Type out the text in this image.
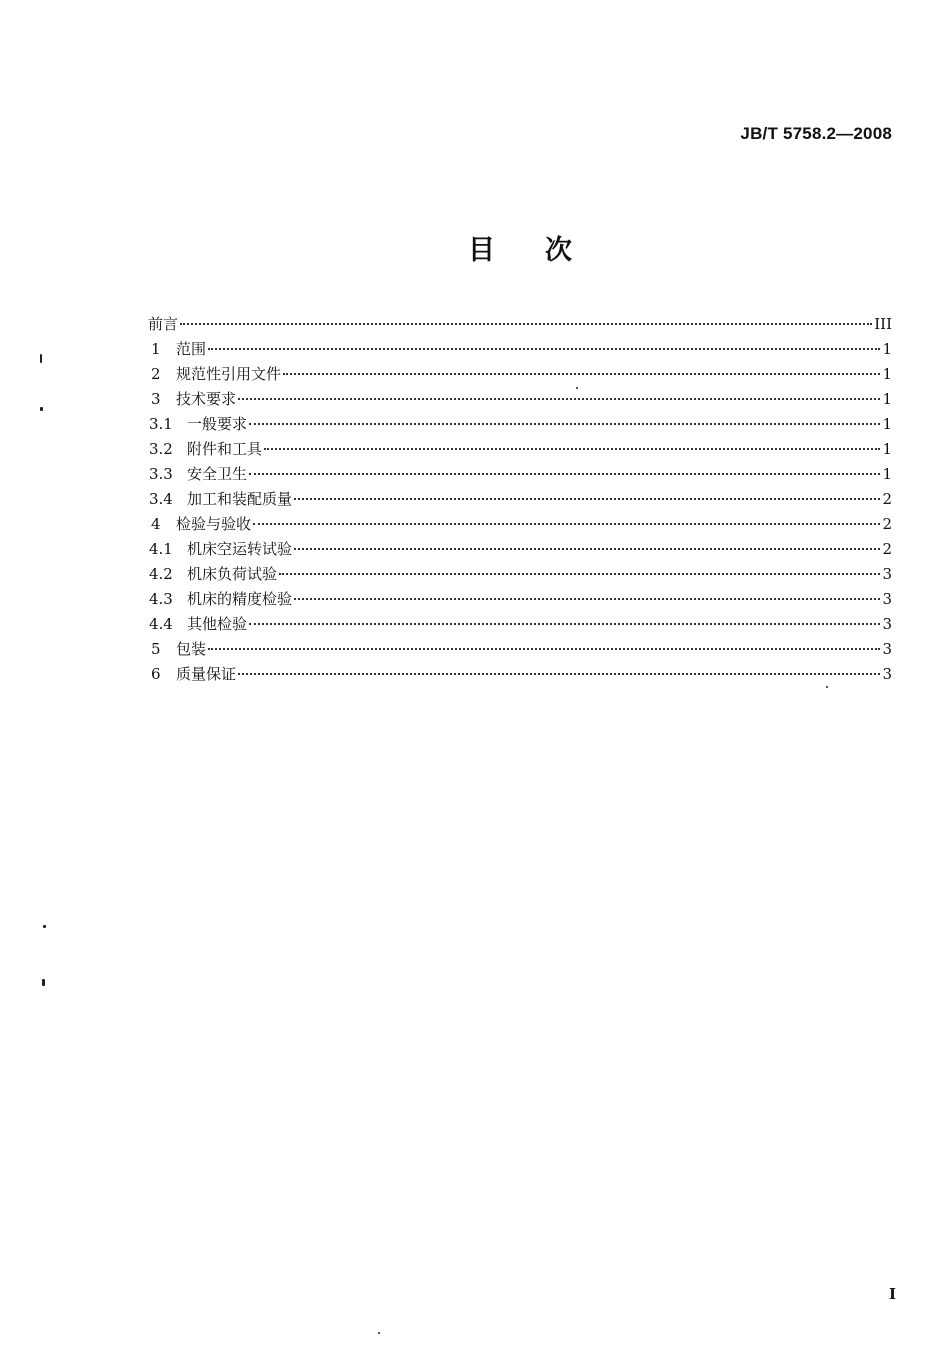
JB/T 5758.2—2008
目 次
前言	III
1	范围	1
2	规范性引用文件	1
3	技术要求	1
3.1 一般要求	1
3.2 附件和工具	1
3.3 安全卫生	1
3.4 加工和装配质量	2
4	检验与验收	2
4.1 机床空运转试验	2
4.2 机床负荷试验	3
4.3 机床的精度检验	3
4.4 其他检验	3
5	包装	3
6	质量保证	3
I
